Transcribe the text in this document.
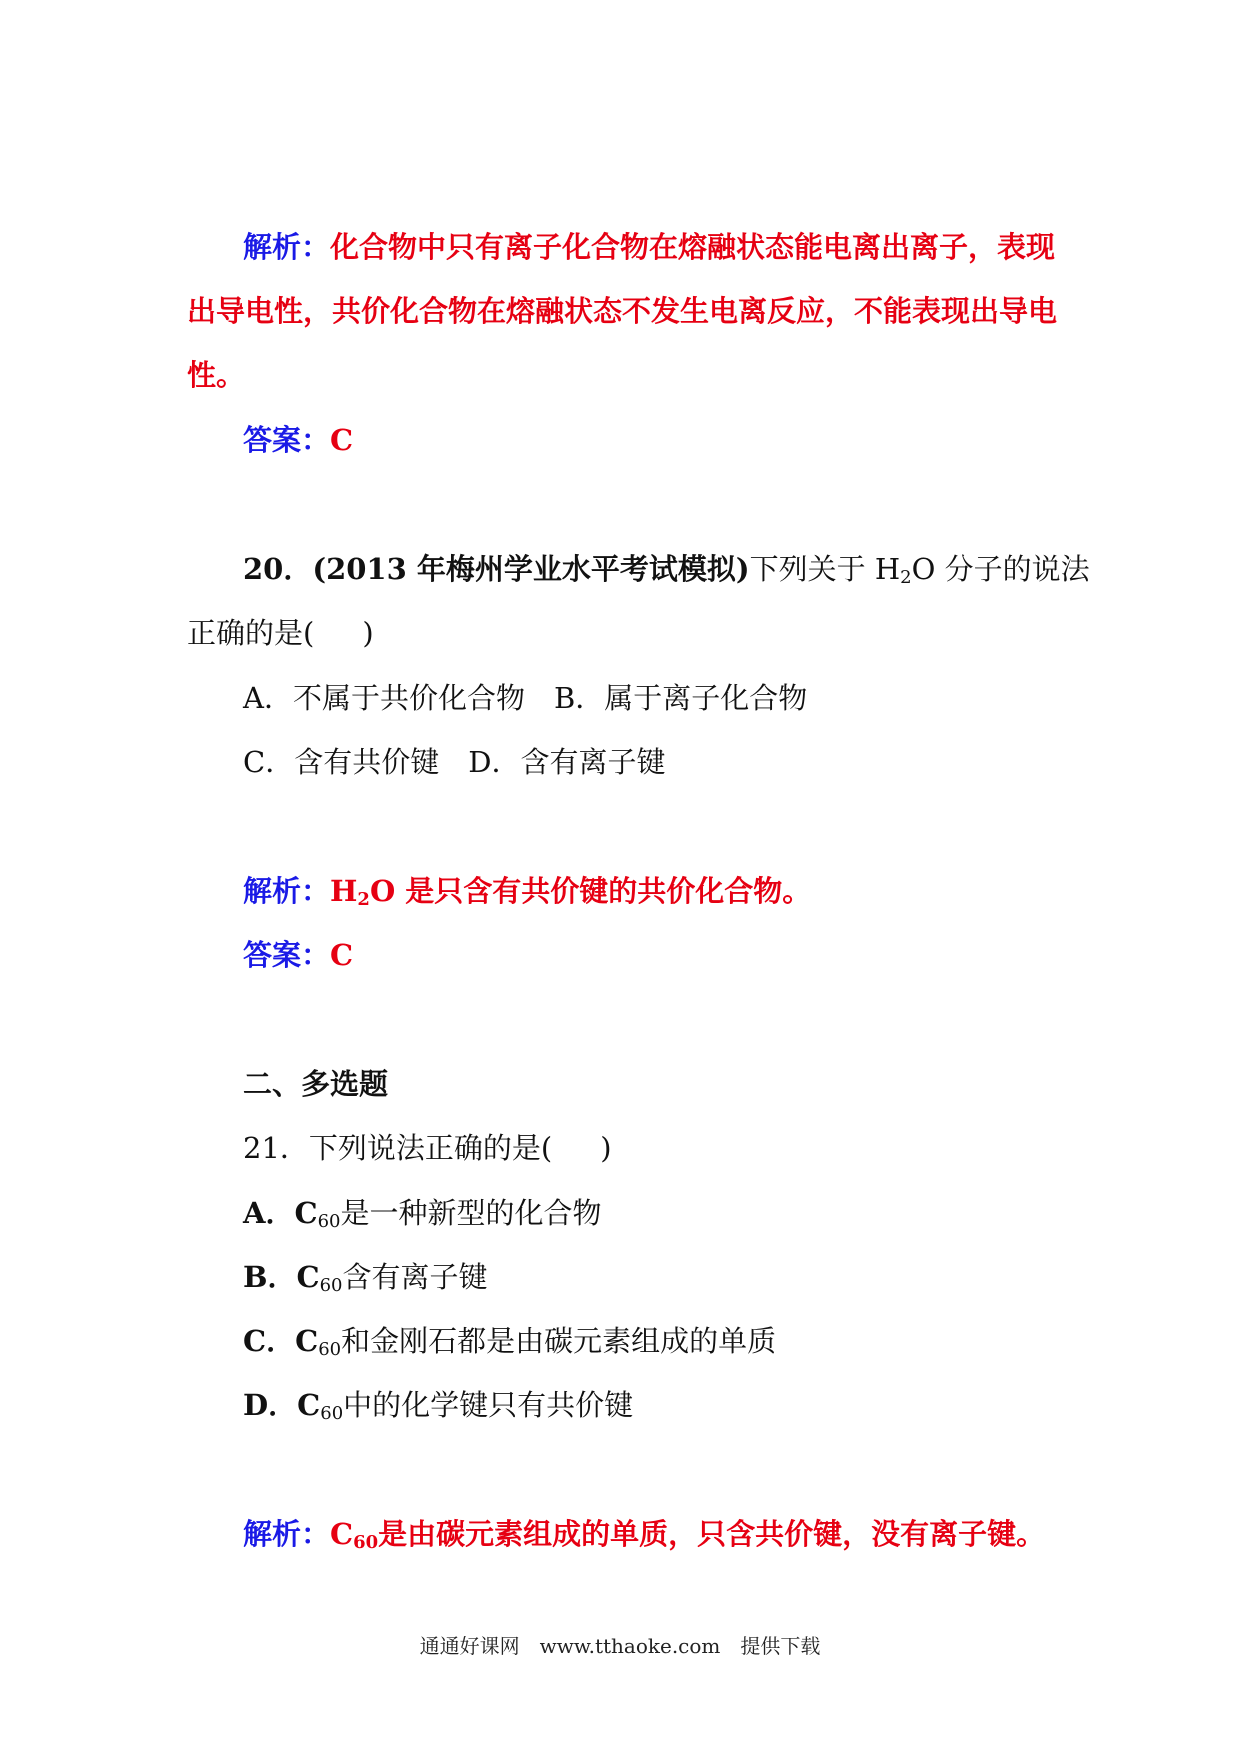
解析：化合物中只有离子化合物在熔融状态能电离出离子，表现
出导电性，共价化合物在熔融状态不发生电离反应，不能表现出导电
性。
答案：C
20．(2013 年梅州学业水平考试模拟)下列关于 $H_2O$ 分子的说法
正确的是( )
A．不属于共价化合物　B．属于离子化合物
C．含有共价键　D．含有离子键
解析：$H_2O$ 是只含有共价键的共价化合物。
答案：C
二、多选题
21．下列说法正确的是( )
A．$C_{60}$是一种新型的化合物
B．$C_{60}$含有离子键
C．$C_{60}$和金刚石都是由碳元素组成的单质
D．$C_{60}$中的化学键只有共价键
解析：$C_{60}$是由碳元素组成的单质，只含共价键，没有离子键。
通通好课网　www.tthaoke.com　提供下载
